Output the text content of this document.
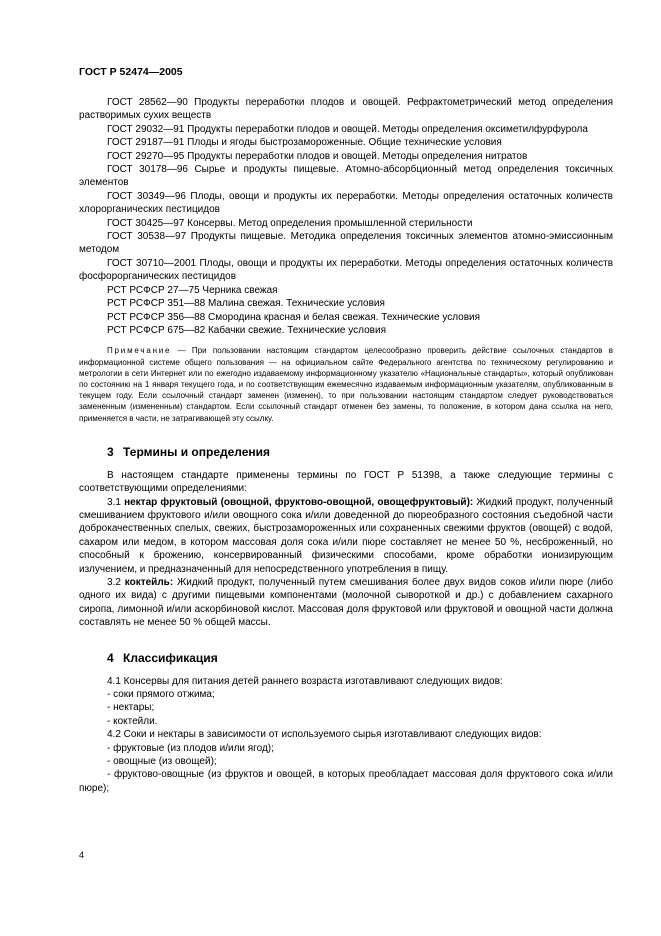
ГОСТ Р 52474—2005

ГОСТ 28562—90 Продукты переработки плодов и овощей. Рефрактометрический метод определения растворимых сухих веществ

ГОСТ 29032—91 Продукты переработки плодов и овощей. Методы определения оксиметилфурфурола

ГОСТ 29187—91 Плоды и ягоды быстрозамороженные. Общие технические условия

ГОСТ 29270—95 Продукты переработки плодов и овощей. Методы определения нитратов

ГОСТ 30178—96 Сырье и продукты пищевые. Атомно-абсорбционный метод определения токсичных элементов

ГОСТ 30349—96 Плоды, овощи и продукты их переработки. Методы определения остаточных количеств хлорорганических пестицидов

ГОСТ 30425—97 Консервы. Метод определения промышленной стерильности

ГОСТ 30538—97 Продукты пищевые. Методика определения токсичных элементов атомно-эмиссионным методом

ГОСТ 30710—2001 Плоды, овощи и продукты их переработки. Методы определения остаточных количеств фосфорорганических пестицидов

РСТ РСФСР 27—75 Черника свежая

РСТ РСФСР 351—88 Малина свежая. Технические условия

РСТ РСФСР 356—88 Смородина красная и белая свежая. Технические условия

РСТ РСФСР 675—82 Кабачки свежие. Технические условия

Примечание — При пользовании настоящим стандартом целесообразно проверить действие ссылочных стандартов в информационной системе общего пользования — на официальном сайте Федерального агентства по техническому регулированию и метрологии в сети Интернет или по ежегодно издаваемому информационному указателю «Национальные стандарты», который опубликован по состоянию на 1 января текущего года, и по соответствующим ежемесячно издаваемым информационным указателям, опубликованным в текущем году. Если ссылочный стандарт заменен (изменен), то при пользовании настоящим стандартом следует руководствоваться замененным (измененным) стандартом. Если ссылочный стандарт отменен без замены, то положение, в котором дана ссылка на него, применяется в части, не затрагивающей эту ссылку.

3 Термины и определения

В настоящем стандарте применены термины по ГОСТ Р 51398, а также следующие термины с соответствующими определениями:

3.1 нектар фруктовый (овощной, фруктово-овощной, овощефруктовый): Жидкий продукт, полученный смешиванием фруктового и/или овощного сока и/или доведенной до пюреобразного состояния съедобной части доброкачественных спелых, свежих, быстрозамороженных или сохраненных свежими фруктов (овощей) с водой, сахаром или медом, в котором массовая доля сока и/или пюре составляет не менее 50 %, несброженный, но способный к брожению, консервированный физическими способами, кроме обработки ионизирующим излучением, и предназначенный для непосредственного употребления в пищу.

3.2 коктейль: Жидкий продукт, полученный путем смешивания более двух видов соков и/или пюре (либо одного их вида) с другими пищевыми компонентами (молочной сывороткой и др.) с добавлением сахарного сиропа, лимонной и/или аскорбиновой кислот. Массовая доля фруктовой или фруктовой и овощной части должна составлять не менее 50 % общей массы.

4 Классификация

4.1 Консервы для питания детей раннего возраста изготавливают следующих видов:

- соки прямого отжима;

- нектары;

- коктейли.

4.2 Соки и нектары в зависимости от используемого сырья изготавливают следующих видов:

- фруктовые (из плодов и/или ягод);

- овощные (из овощей);

- фруктово-овощные (из фруктов и овощей, в которых преобладает массовая доля фруктового сока и/или пюре);

4
